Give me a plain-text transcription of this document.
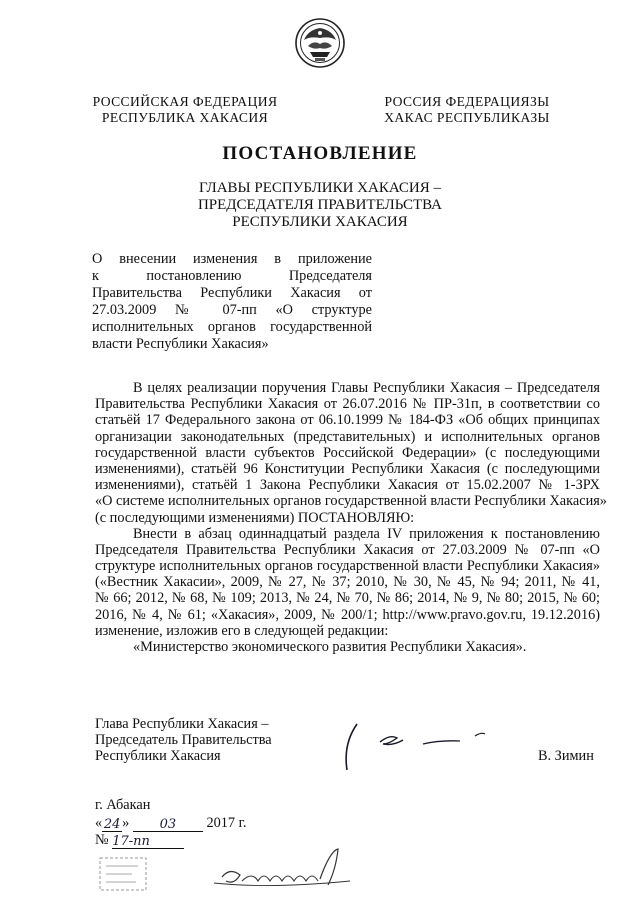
РОССИЙСКАЯ ФЕДЕРАЦИЯ
РЕСПУБЛИКА ХАКАСИЯ
РОССИЯ ФЕДЕРАЦИЯЗЫ
ХАКАС РЕСПУБЛИКАЗЫ
ПОСТАНОВЛЕНИЕ
ГЛАВЫ РЕСПУБЛИКИ ХАКАСИЯ –
ПРЕДСЕДАТЕЛЯ ПРАВИТЕЛЬСТВА
РЕСПУБЛИКИ ХАКАСИЯ
О внесении изменения в приложение
к постановлению Председателя
Правительства Республики Хакасия от
27.03.2009 № 07-пп «О структуре
исполнительных органов государственной
власти Республики Хакасия»
В целях реализации поручения Главы Республики Хакасия – Председателя
Правительства Республики Хакасия от 26.07.2016 № ПР-31п, в соответствии со
статьёй 17 Федерального закона от 06.10.1999 № 184-ФЗ «Об общих принципах
организации законодательных (представительных) и исполнительных органов
государственной власти субъектов Российской Федерации» (с последующими
изменениями), статьёй 96 Конституции Республики Хакасия (с последующими
изменениями), статьёй 1 Закона Республики Хакасия от 15.02.2007 № 1-ЗРХ
«О системе исполнительных органов государственной власти Республики Хакасия»
(с последующими изменениями) ПОСТАНОВЛЯЮ:
Внести в абзац одиннадцатый раздела IV приложения к постановлению
Председателя Правительства Республики Хакасия от 27.03.2009 № 07-пп «О
структуре исполнительных органов государственной власти Республики Хакасия»
(«Вестник Хакасии», 2009, № 27, № 37; 2010, № 30, № 45, № 94; 2011, № 41,
№ 66; 2012, № 68, № 109; 2013, № 24, № 70, № 86; 2014, № 9, № 80; 2015, № 60;
2016, № 4, № 61; «Хакасия», 2009, № 200/1; http://www.pravo.gov.ru, 19.12.2016)
изменение, изложив его в следующей редакции:
«Министерство экономического развития Республики Хакасия».
Глава Республики Хакасия –
Председатель Правительства
Республики Хакасия	В. Зимин
г. Абакан
« 24 » 03 2017 г.
№ 17-пп
